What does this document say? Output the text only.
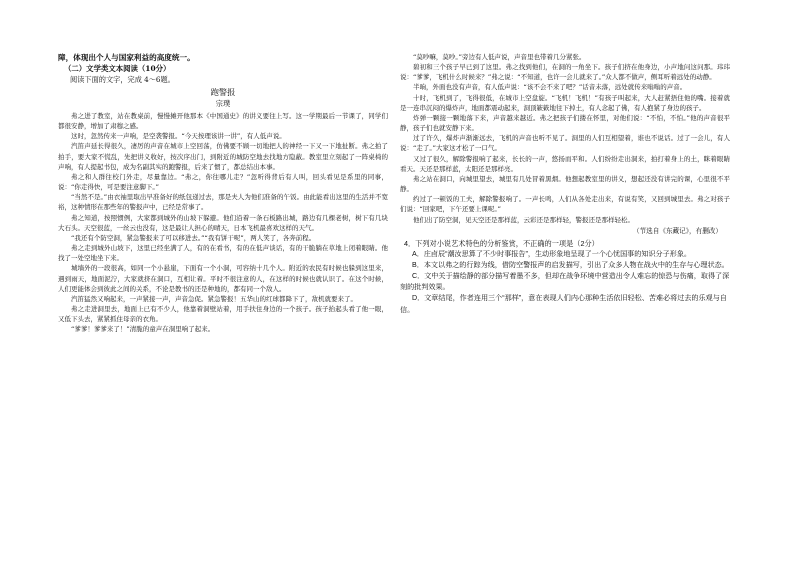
障，体现出个人与国家利益的高度统一。

（二）文学类文本阅读（10分）

阅读下面的文字，完成 4～6题。

跑警报

宗璞

弗之进了教室，站在教桌前，慢慢摊开他那本《中国通史》的讲义要往上写。这一学期最后一节课了，同学们都很安静，增加了肃穆之感。

这时，忽然传来一声响，是空袭警报。“今天按理该讲一讲”，有人低声说。

汽笛声延长得很久，凄厉的声音在城市上空回荡，仿佛要不顾一切地把人的神经一下又一下地扯断。弗之拍了拍手，要大家不慌乱，先把讲义收好，按次序出门，到附近的城防空地去找地方隐蔽。教室里立刻起了一阵桌椅的声响，有人提起书包，成为名副其实的跑警报，后来了惯了，都总结出本事。

弗之和人群往校门外走，尽量靠边。“弗之，你往哪儿走？”忽听得背后有人叫，回头看见是系里的同事，说：“你走得快，可是要注意脚下。”

“当然不是。”由衣袖里取出早准备好的纸包递过去，那是夫人为他们准备的午饭。由此能看出这里的生活并不宽裕，这种情形在那些年的警报声中，已经是常事了。

弗之知道，按照惯例，大家都到城外的山坡下躲避。他们沿着一条石板路出城，路边有几棵老树，树下有几块大石头。天空很蓝，一丝云也没有，这是最让人担心的晴天，日本飞机最喜欢这样的天气。

“我还有个防空洞，紧急警报来了可以移进去。”“我有饼干呢”，两人笑了，各奔前程。

弗之走到城外山坡下，这里已经坐满了人，有的在看书，有的在低声谈话，有的干脆躺在草地上闭着眼睛。他找了一处空地坐下来。

城墙外的一段很高，如同一个小悬崖，下面有一个小洞，可容纳十几个人。附近的农民有时候也躲到这里来，遇到雨天，地面泥泞，大家就挤在洞口，互相让着。平时不很注意的人，在这样的时候也就认识了。在这个时候，人们更能体会到彼此之间的关系，不论是教书的还是种地的，都有同一个敌人。

汽笛猛然又响起来，一声紧接一声，声音急促。紧急警报！五华山的红球都降下了，敌机就要来了。

弗之走进洞里去，地面上已有不少人，他靠着洞壁站着，用手扶住身边的一个孩子。孩子抬起头看了他一眼，又低下头去，紧紧抓住母亲的衣角。

“爹爹！爹爹来了！”清脆的童声在洞里响了起来。

“莫吵嘛，莫吵。”旁边有人低声说，声音里也带着几分紧张。

碧初和三个孩子早已到了这里。弗之找到他们，在洞的一角坐下。孩子们挤在他身边，小声地问这问那。玮玮说：“爹爹，飞机什么时候来？”弗之说：“不知道，也许一会儿就来了。”众人都不做声，侧耳听着远处的动静。

半晌，外面也没有声音，有人低声说：“该不会不来了吧？”话音未落，远处就传来嗡嗡的声音。

十时，飞机到了，飞得很低，在城市上空盘旋。“飞机！飞机！”有孩子叫起来，大人赶紧捂住他的嘴。接着就是一连串沉闷的爆炸声，地面都震动起来，洞顶簌簌地往下掉土，有人念起了佛，有人抱紧了身边的孩子。

炸弹一颗接一颗地落下来，声音越来越近。弗之把孩子们搂在怀里，对他们说：“不怕，不怕。”他的声音很平静，孩子们也就安静下来。

过了许久，爆炸声渐渐远去，飞机的声音也听不见了。洞里的人们互相望着，谁也不说话。过了一会儿，有人说：“走了。”大家这才松了一口气。

又过了很久，解除警报响了起来，长长的一声，悠扬而平和。人们纷纷走出洞来，拍打着身上的土，眯着眼睛看天。天还是那样蓝，太阳还是那样亮。

弗之站在洞口，向城里望去，城里有几处冒着黑烟。他想起教室里的讲义，想起还没有讲完的课，心里很不平静。

约过了一顿饭的工夫，解除警报响了。一声长鸣，人们从各处走出来，有说有笑，又回到城里去。弗之对孩子们说：“回家吧，下午还要上课呢。”

他们出了防空洞，见天空还是那样蓝，云彩还是那样轻，警报还是那样轻松。

（节选自《东藏记》，有删改）

4．下列对小说艺术特色的分析鉴赏，不正确的一项是（2分）

A．庄卣辰“潮汝思算了不少时事报告”，生动形象地呈现了一个心忧国事的知识分子形象。

B．本文以弗之的行踪为线，借防空警报声的启发描写，引出了众多人物在战火中的生存与心理状态。

C．文中关于描绘静的部分描写着墨不多，但却在战争环境中营造出令人难忘的惊恐与伤痛，取得了深刻的批判效果。

D．文章结尾，作者连用三个“那样”，意在表现人们内心那种生活依旧轻松、苦难必将过去的乐观与自信。
